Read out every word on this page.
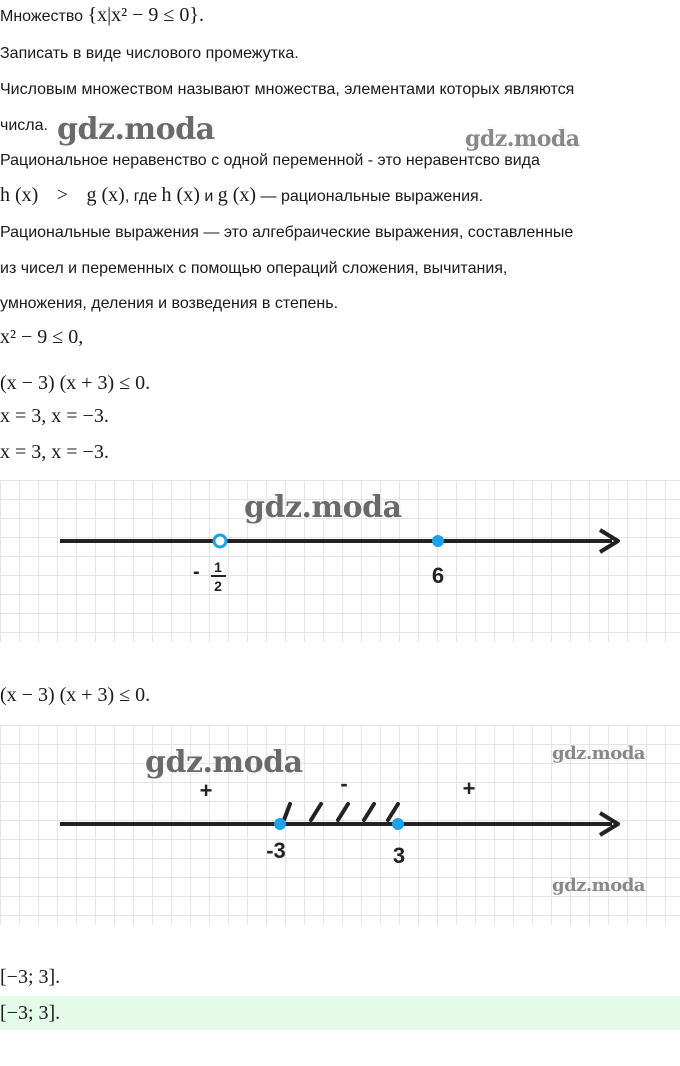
Множество {x|x² − 9 ≤ 0}.
Записать в виде числового промежутка.
Числовым множеством называют множества, элементами которых являются
числа.
Рациональное неравенство с одной переменной - это неравентсво вида
h (x) > g (x), где h (x) и g (x) — рациональные выражения.
Рациональные выражения — это алгебраические выражения, составленные
из чисел и переменных с помощью операций сложения, вычитания,
умножения, деления и возведения в степень.
x² − 9 ≤ 0,
(x − 3) (x + 3) ≤ 0.
x = 3, x = −3.
x = 3, x = −3.
gdz.moda	gdz.moda
- 1
2	6
gdz.moda
(x − 3) (x + 3) ≤ 0.
+	-	+
-3	3
gdz.moda	gdz.moda
gdz.moda
[−3; 3].
[−3; 3].
